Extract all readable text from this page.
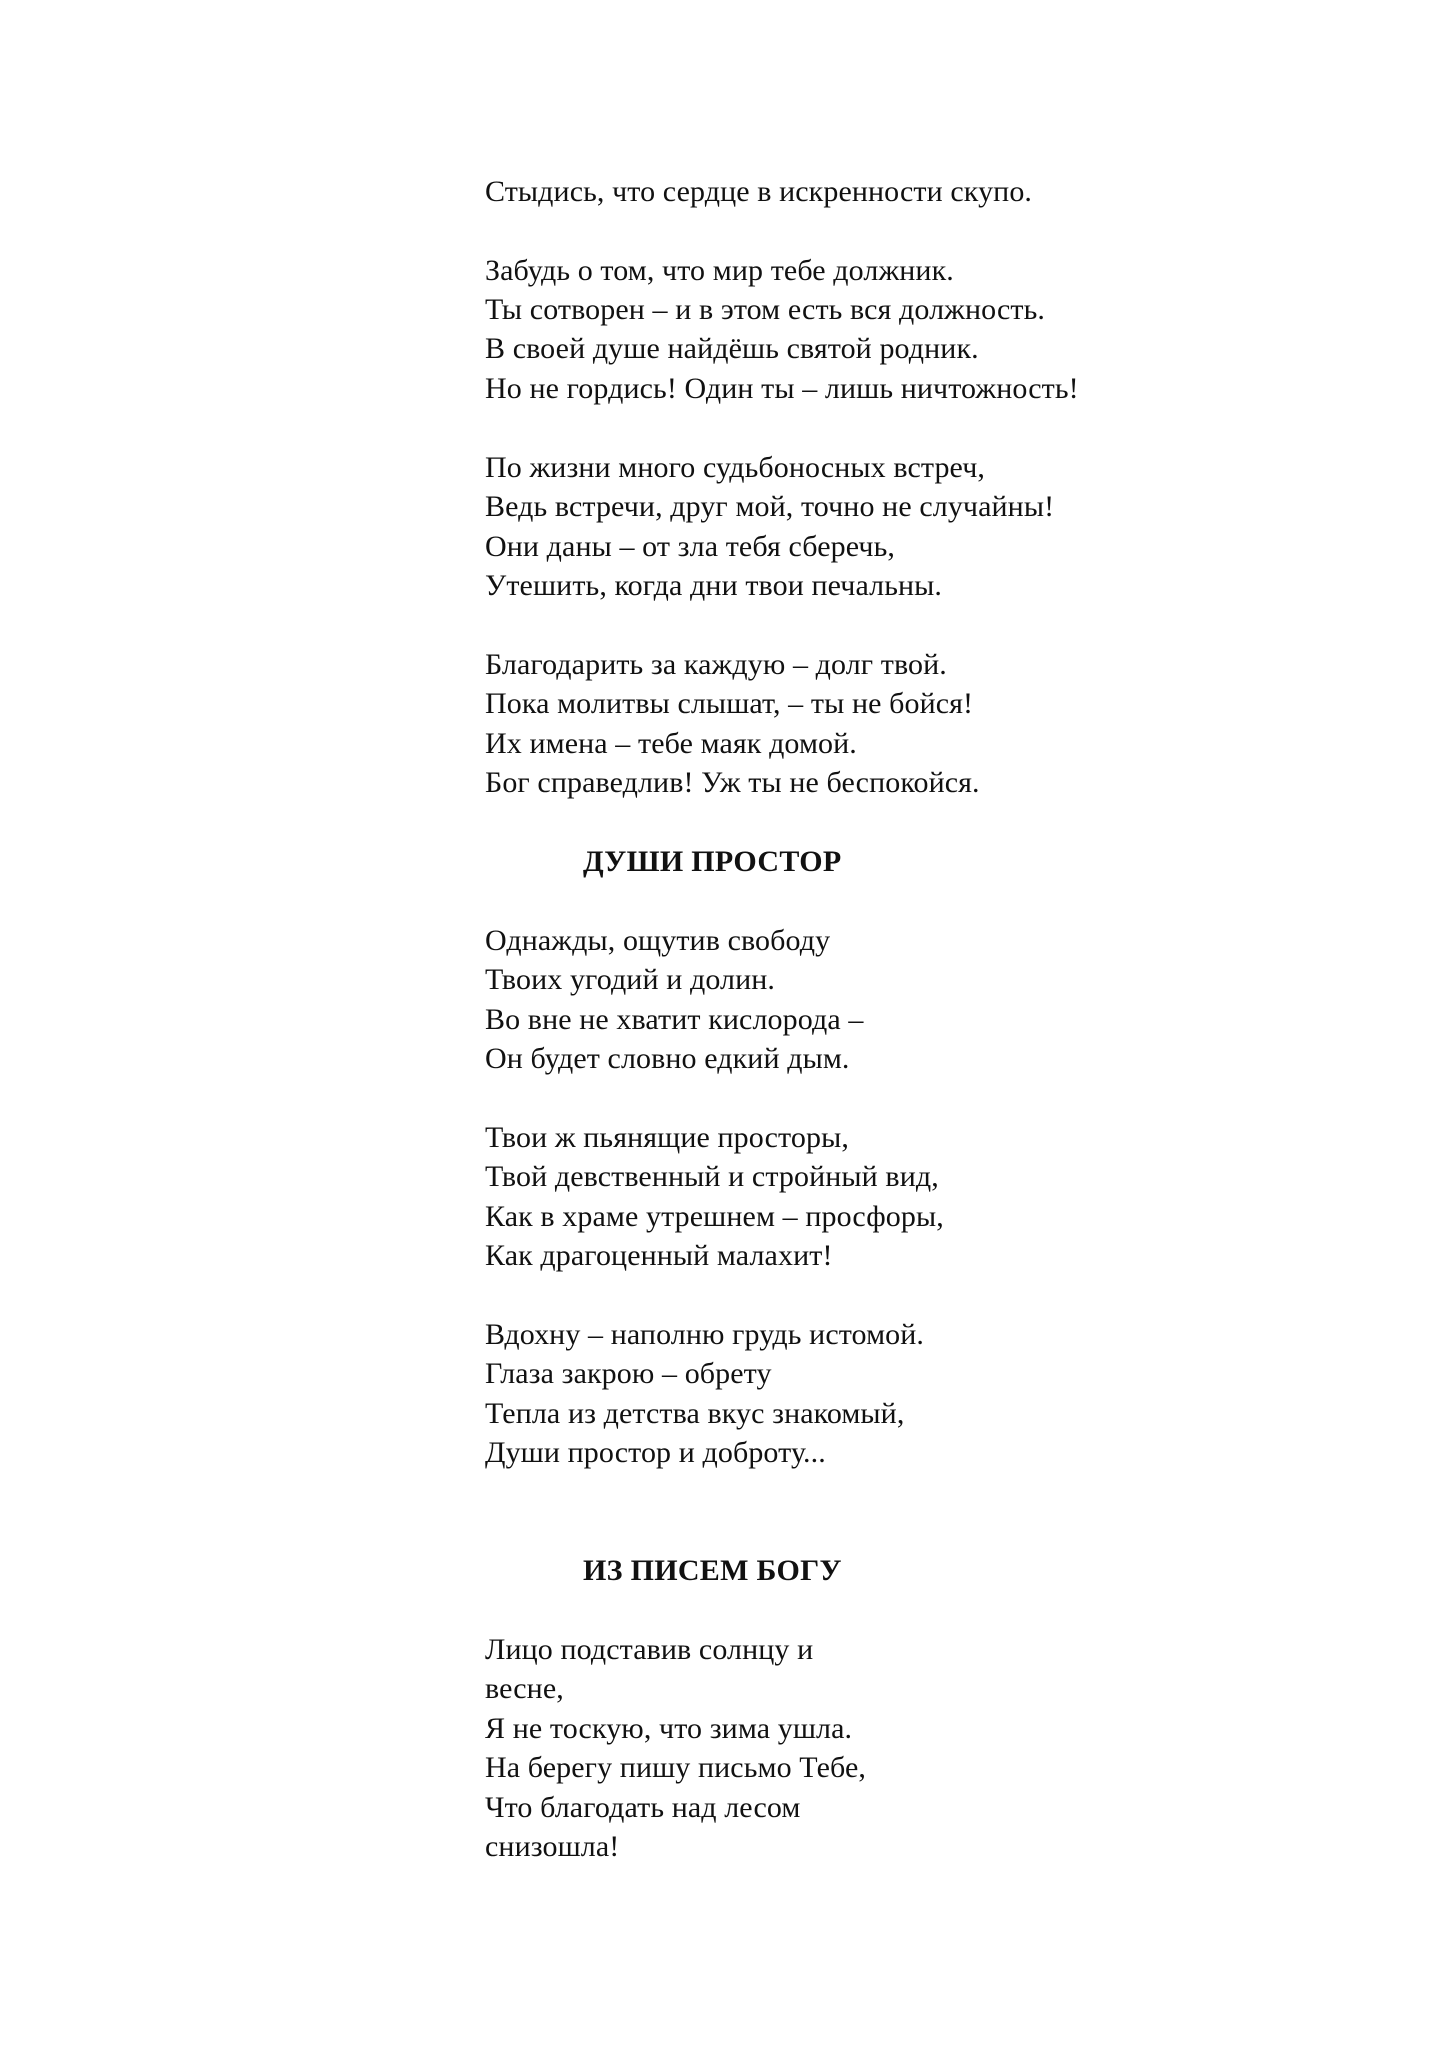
Стыдись, что сердце в искренности скупо.
Забудь о том, что мир тебе должник.
Ты сотворен – и в этом есть вся должность.
В своей душе найдёшь святой родник.
Но не гордись! Один ты – лишь ничтожность!
По жизни много судьбоносных встреч,
Ведь встречи, друг мой, точно не случайны!
Они даны – от зла тебя сберечь,
Утешить, когда дни твои печальны.
Благодарить за каждую – долг твой.
Пока молитвы слышат, – ты не бойся!
Их имена – тебе маяк домой.
Бог справедлив! Уж ты не беспокойся.
ДУШИ ПРОСТОР
Однажды, ощутив свободу
Твоих угодий и долин.
Во вне не хватит кислорода –
Он будет словно едкий дым.
Твои ж пьянящие просторы,
Твой девственный и стройный вид,
Как в храме утрешнем – просфоры,
Как драгоценный малахит!
Вдохну – наполню грудь истомой.
Глаза закрою – обрету
Тепла из детства вкус знакомый,
Души простор и доброту...
ИЗ ПИСЕМ БОГУ
Лицо подставив солнцу и
весне,
Я не тоскую, что зима ушла.
На берегу пишу письмо Тебе,
Что благодать над лесом
снизошла!
